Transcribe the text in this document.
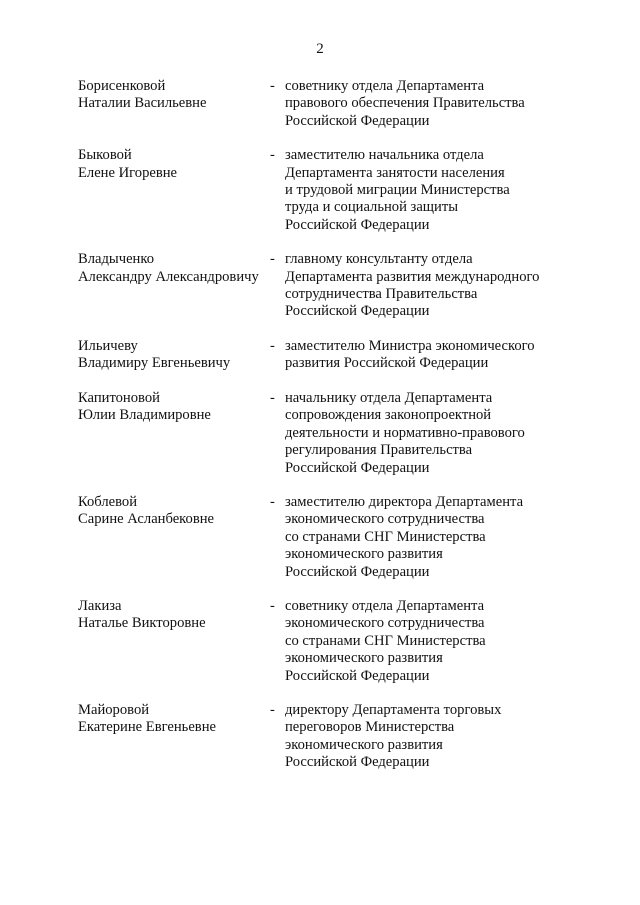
2
Борисенковой
Наталии Васильевне
- советнику отдела Департамента
правового обеспечения Правительства
Российской Федерации
Быковой
Елене Игоревне
- заместителю начальника отдела
Департамента занятости населения
и трудовой миграции Министерства
труда и социальной защиты
Российской Федерации
Владыченко
Александру Александровичу
- главному консультанту отдела
Департамента развития международного
сотрудничества Правительства
Российской Федерации
Ильичеву
Владимиру Евгеньевичу
- заместителю Министра экономического
развития Российской Федерации
Капитоновой
Юлии Владимировне
- начальнику отдела Департамента
сопровождения законопроектной
деятельности и нормативно-правового
регулирования Правительства
Российской Федерации
Коблевой
Сарине Асланбековне
- заместителю директора Департамента
экономического сотрудничества
со странами СНГ Министерства
экономического развития
Российской Федерации
Лакиза
Наталье Викторовне
- советнику отдела Департамента
экономического сотрудничества
со странами СНГ Министерства
экономического развития
Российской Федерации
Майоровой
Екатерине Евгеньевне
- директору Департамента торговых
переговоров Министерства
экономического развития
Российской Федерации
